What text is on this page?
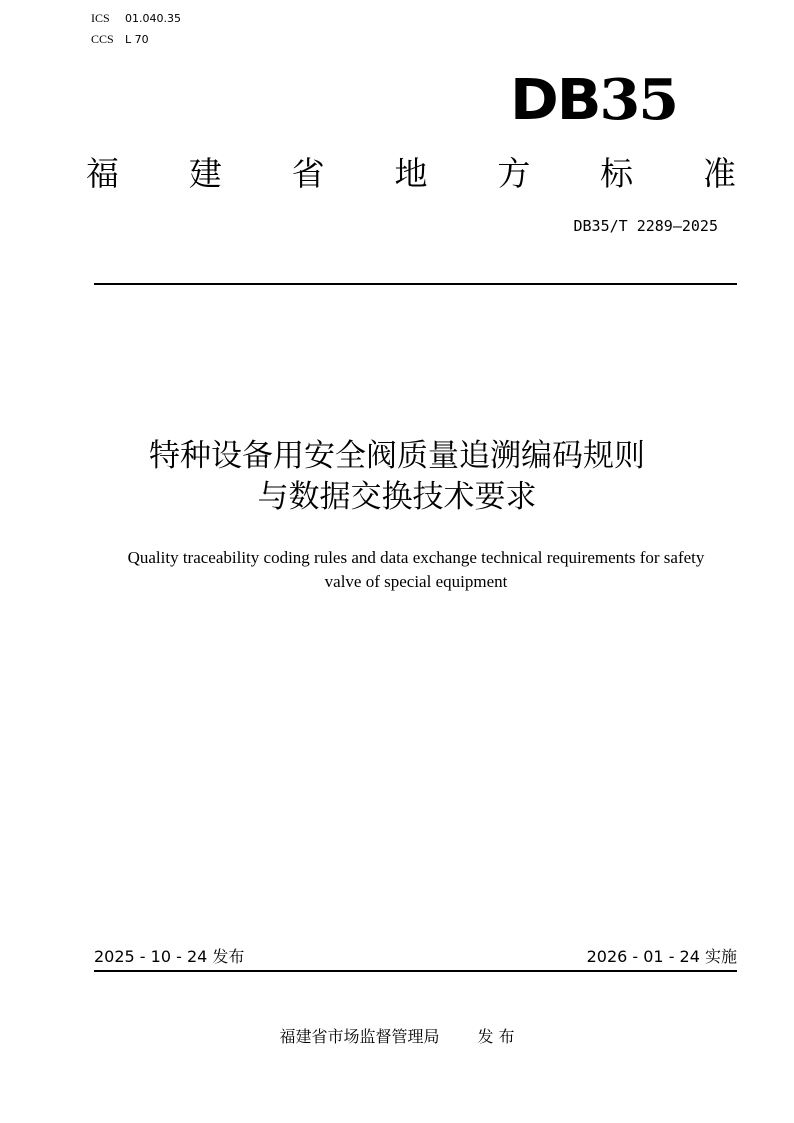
ICS 01.040.35
CCS L 70
DB35
福 建 省 地 方 标 准
DB35/T 2289—2025
特种设备用安全阀质量追溯编码规则
与数据交换技术要求
Quality traceability coding rules and data exchange technical requirements for safety
valve of special equipment
2025 - 10 - 24 发布	2026 - 01 - 24 实施
福建省市场监督管理局 发 布
